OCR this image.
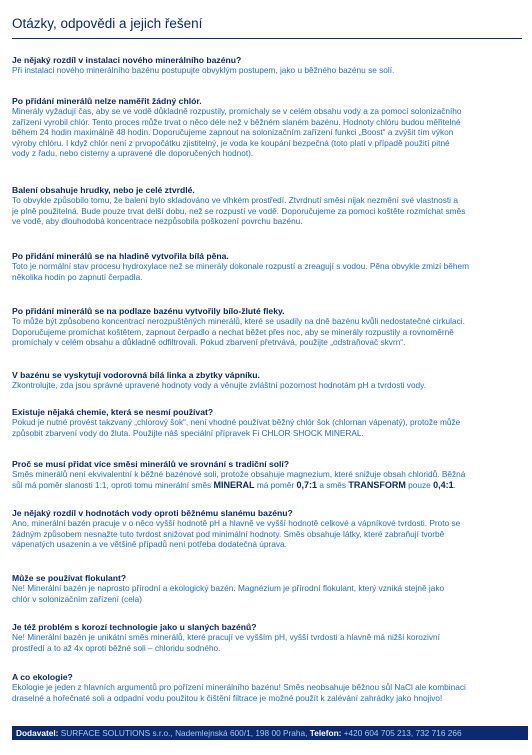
Otázky, odpovědi a jejich řešení
Je nějaký rozdíl v instalaci nového minerálního bazénu?
Při instalaci nového minerálního bazénu postupujte obvyklým postupem, jako u běžného bazénu se solí.
Po přidání minerálů nelze naměřit žádný chlór.
Minerály vyžadují čas, aby se ve vodě důkladně rozpustily, promíchaly se v celém obsahu vody a za pomocí solonizačního
zařízení vyrobil chlór. Tento proces může trvat o něco déle než v běžném slaném bazénu. Hodnoty chlóru budou měřitelné
během 24 hodin maximálně 48 hodin. Doporučujeme zapnout na solonizačním zařízení funkci „Boost“ a zvýšit tím výkon
výroby chlóru. I když chlór není z prvopočátku zjistitelný, je voda ke koupání bezpečná (toto platí v případě použití pitné
vody z řadu, nebo cisterny a upravené dle doporučených hodnot).
Balení obsahuje hrudky, nebo je celé ztvrdlé.
To obvykle způsobilo tomu, že balení bylo skladováno ve vlhkém prostředí. Ztvrdnutí směsi nijak nezmění své vlastnosti a
je plně použitelná. Bude pouze trvat delší dobu, než se rozpustí ve vodě. Doporučujeme za pomoci koštěte rozmíchat směs
ve vodě, aby dlouhodobá koncentrace nezpůsobila poškození povrchu bazénu.
Po přidání minerálů se na hladině vytvořila bílá pěna.
Toto je normální stav procesu hydroxylace než se minerály dokonale rozpustí a zreagují s vodou. Pěna obvykle zmizí během
několika hodin po zapnutí čerpadla.
Po přidání minerálů se na podlaze bazénu vytvořily bílo-žluté fleky.
To může být způsobeno koncentrací nerozpuštěných minerálů, které se usadily na dně bazénu kvůli nedostatečné cirkulaci.
Doporučujeme promíchat koštětem, zapnout čerpadlo a nechat běžet přes noc, aby se minerály rozpustily a rovnoměrně
promíchaly v celém obsahu a důkladně odfiltrovali. Pokud zbarvení přetrvává, použijte „odstraňovač skvrn“.
V bazénu se vyskytují vodorovná bílá linka a zbytky vápníku.
Zkontrolujte, zda jsou správné upravené hodnoty vody a věnujte zvláštní pozornost hodnotám pH a tvrdosti vody.
Existuje nějaká chemie, která se nesmí používat?
Pokud je nutné provést takzvaný „chlorový šok“, není vhodné používat běžný chlór šok (chlornan vápenatý), protože může
způsobit zbarvení vody do žluta. Použijte náš speciální přípravek Fi CHLOR SHOCK MINERAL.
Proč se musí přidat více směsi minerálů ve srovnání s tradiční solí?
Směs minerálů není ekvivalentní k běžné bazénové soli, protože obsahuje magnezium, které snižuje obsah chloridů. Běžná
sůl má poměr slanosti 1:1, oproti tomu minerální směs MINERAL má poměr 0,7:1 a směs TRANSFORM pouze 0,4:1.
Je nějaký rozdíl v hodnotách vody oproti běžnému slanému bazénu?
Ano, minerální bazén pracuje v o něco vyšší hodnotě pH a hlavně ve vyšší hodnotě celkové a vápníkové tvrdosti. Proto se
žádným způsobem nesnažte tuto tvrdost snižovat pod minimální hodnoty. Směs obsahuje látky, které zabraňují tvorbě
vápenatých usazenin a ve většině případů není potřeba dodatečná úprava.
Může se používat flokulant?
Ne! Minerální bazén je naprosto přírodní a ekologický bazén. Magnézium je přírodní flokulant, který vzniká stejně jako
chlór v solonizačním zařízení (cela)
Je též problém s korozí technologie jako u slaných bazénů?
Ne! Minerální bazén je unikátní směs minerálů, které pracují ve vyšším pH, vyšší tvrdosti a hlavně má nižší korozivní
prostředí a to až 4x oproti běžné soli – chloridu sodného.
A co ekologie?
Ekologie je jeden z hlavních argumentů pro pořízení minerálního bazénu! Směs neobsahuje běžnou sůl NaCl ale kombinaci
draselné a hořečnaté soli a odpadní vodu použitou k čištění filtrace je možné použít k zalévání zahrádky jako hnojivo!
Dodavatel: SURFACE SOLUTIONS s.r.o., Nademlejnská 600/1, 198 00 Praha, Telefon: +420 604 705 213, 732 716 266
